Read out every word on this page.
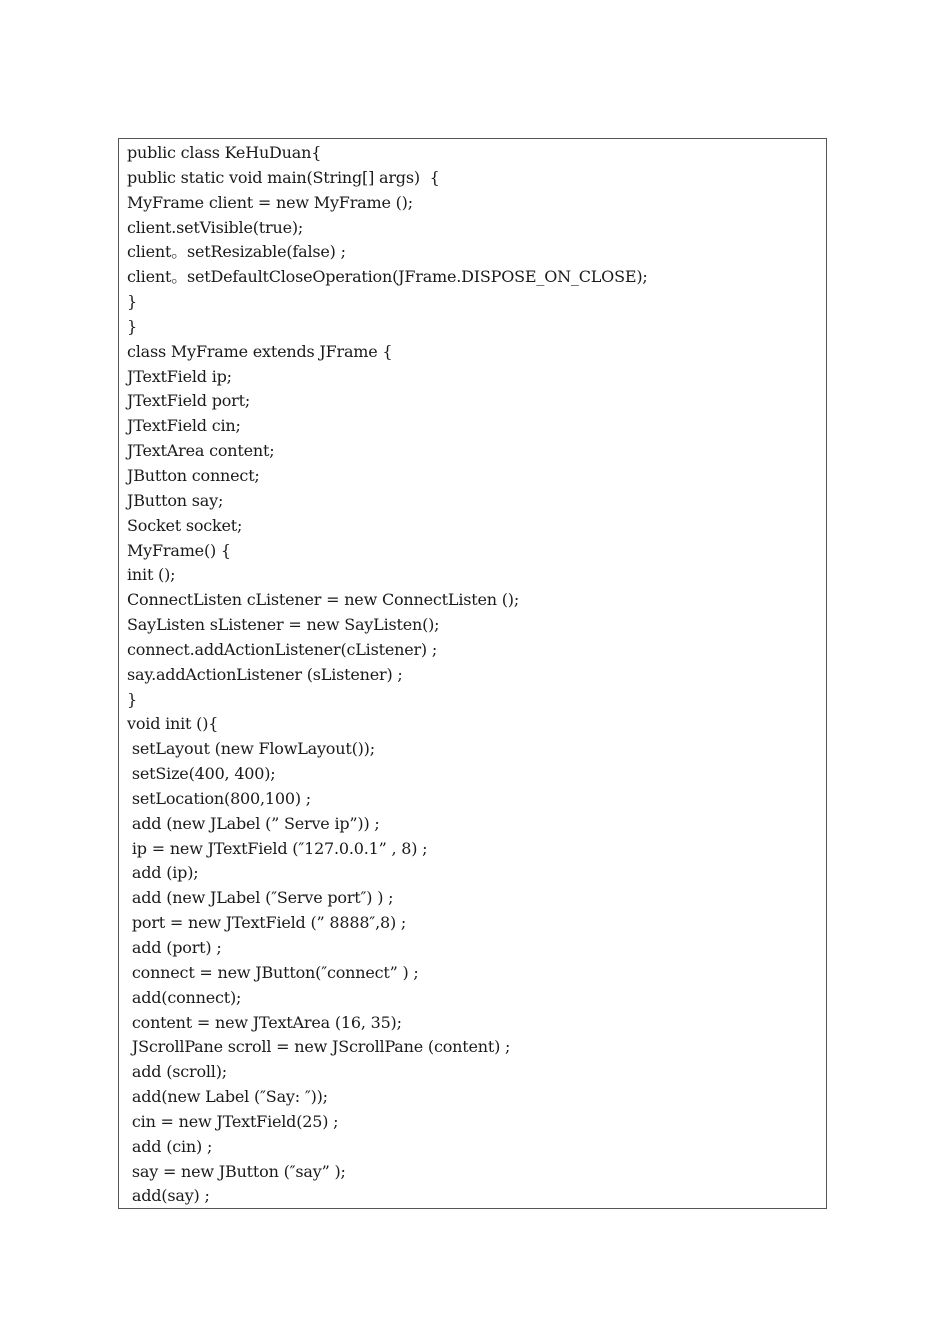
public class KeHuDuan{
public static void main(String[] args)  {
MyFrame client = new MyFrame ();
client.setVisible(true);
client。setResizable(false) ;
client。setDefaultCloseOperation(JFrame.DISPOSE_ON_CLOSE);
}
}
class MyFrame extends JFrame {
JTextField ip;
JTextField port;
JTextField cin;
JTextArea content;
JButton connect;
JButton say;
Socket socket;
MyFrame() {
init ();
ConnectListen cListener = new ConnectListen ();
SayListen sListener = new SayListen();
connect.addActionListener(cListener) ;
say.addActionListener (sListener) ;
}
void init (){
setLayout (new FlowLayout());
setSize(400, 400);
setLocation(800,100) ;
add (new JLabel (” Serve ip”)) ;
ip = new JTextField (″127.0.0.1” , 8) ;
add (ip);
add (new JLabel (″Serve port″) ) ;
port = new JTextField (” 8888″,8) ;
add (port) ;
connect = new JButton(″connect” ) ;
add(connect);
content = new JTextArea (16, 35);
JScrollPane scroll = new JScrollPane (content) ;
add (scroll);
add(new Label (″Say: ″));
cin = new JTextField(25) ;
add (cin) ;
say = new JButton (″say” );
add(say) ;
